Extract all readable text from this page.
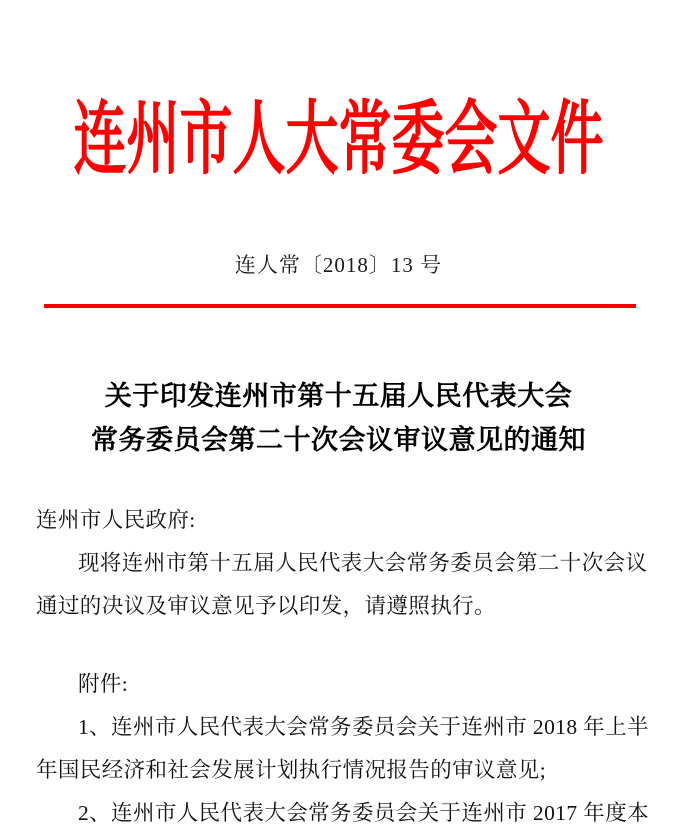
连州市人大常委会文件
连人常〔2018〕13 号
关于印发连州市第十五届人民代表大会
常务委员会第二十次会议审议意见的通知
连州市人民政府:
现将连州市第十五届人民代表大会常务委员会第二十次会议
通过的决议及审议意见予以印发，请遵照执行。
附件:
1、连州市人民代表大会常务委员会关于连州市 2018 年上半
年国民经济和社会发展计划执行情况报告的审议意见;
2、连州市人民代表大会常务委员会关于连州市 2017 年度本
